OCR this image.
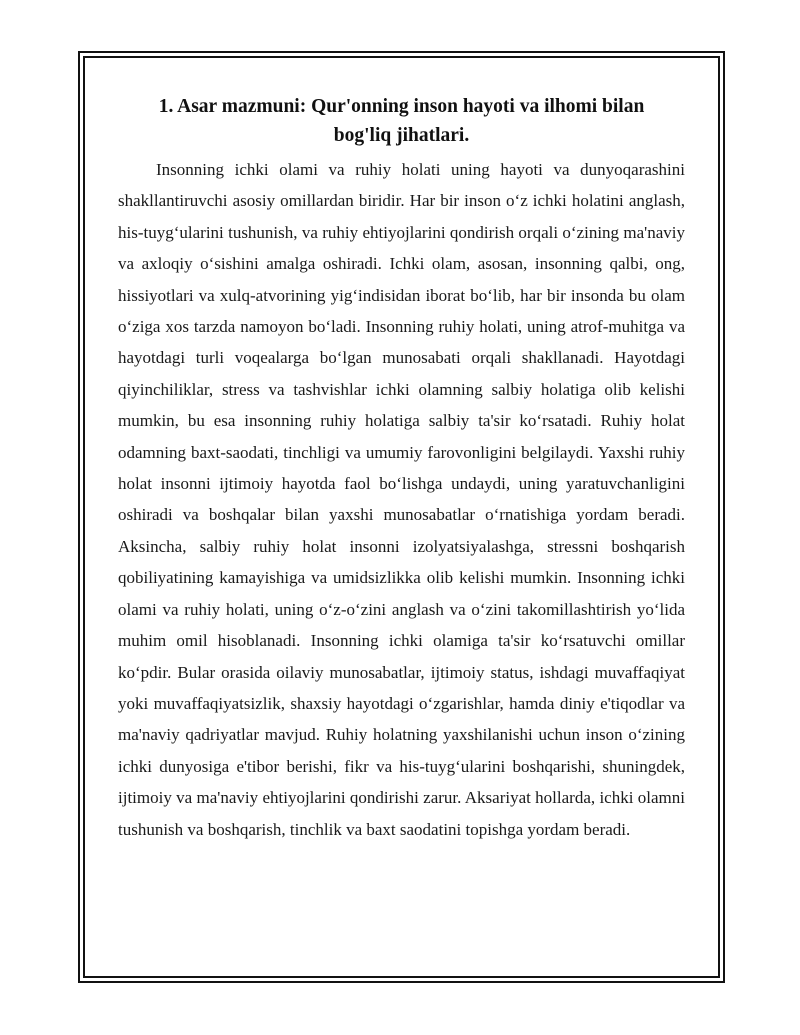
1. Asar mazmuni: Qur'onning inson hayoti va ilhomi bilan bog'liq jihatlari.

Insonning ichki olami va ruhiy holati uning hayoti va dunyoqarashini shakllantiruvchi asosiy omillardan biridir. Har bir inson o‘z ichki holatini anglash, his-tuyg‘ularini tushunish, va ruhiy ehtiyojlarini qondirish orqali o‘zining ma'naviy va axloqiy o‘sishini amalga oshiradi. Ichki olam, asosan, insonning qalbi, ong, hissiyotlari va xulq-atvorining yig‘indisidan iborat bo‘lib, har bir insonda bu olam o‘ziga xos tarzda namoyon bo‘ladi. Insonning ruhiy holati, uning atrof-muhitga va hayotdagi turli voqealarga bo‘lgan munosabati orqali shakllanadi. Hayotdagi qiyinchiliklar, stress va tashvishlar ichki olamning salbiy holatiga olib kelishi mumkin, bu esa insonning ruhiy holatiga salbiy ta'sir ko‘rsatadi. Ruhiy holat odamning baxt-saodati, tinchligi va umumiy farovonligini belgilaydi. Yaxshi ruhiy holat insonni ijtimoiy hayotda faol bo‘lishga undaydi, uning yaratuvchanligini oshiradi va boshqalar bilan yaxshi munosabatlar o‘rnatishiga yordam beradi. Aksincha, salbiy ruhiy holat insonni izolyatsiyalashga, stressni boshqarish qobiliyatining kamayishiga va umidsizlikka olib kelishi mumkin. Insonning ichki olami va ruhiy holati, uning o‘z-o‘zini anglash va o‘zini takomillashtirish yo‘lida muhim omil hisoblanadi. Insonning ichki olamiga ta'sir ko‘rsatuvchi omillar ko‘pdir. Bular orasida oilaviy munosabatlar, ijtimoiy status, ishdagi muvaffaqiyat yoki muvaffaqiyatsizlik, shaxsiy hayotdagi o‘zgarishlar, hamda diniy e'tiqodlar va ma'naviy qadriyatlar mavjud. Ruhiy holatning yaxshilanishi uchun inson o‘zining ichki dunyosiga e'tibor berishi, fikr va his-tuyg‘ularini boshqarishi, shuningdek, ijtimoiy va ma'naviy ehtiyojlarini qondirishi zarur. Aksariyat hollarda, ichki olamni tushunish va boshqarish, tinchlik va baxt saodatini topishga yordam beradi.
